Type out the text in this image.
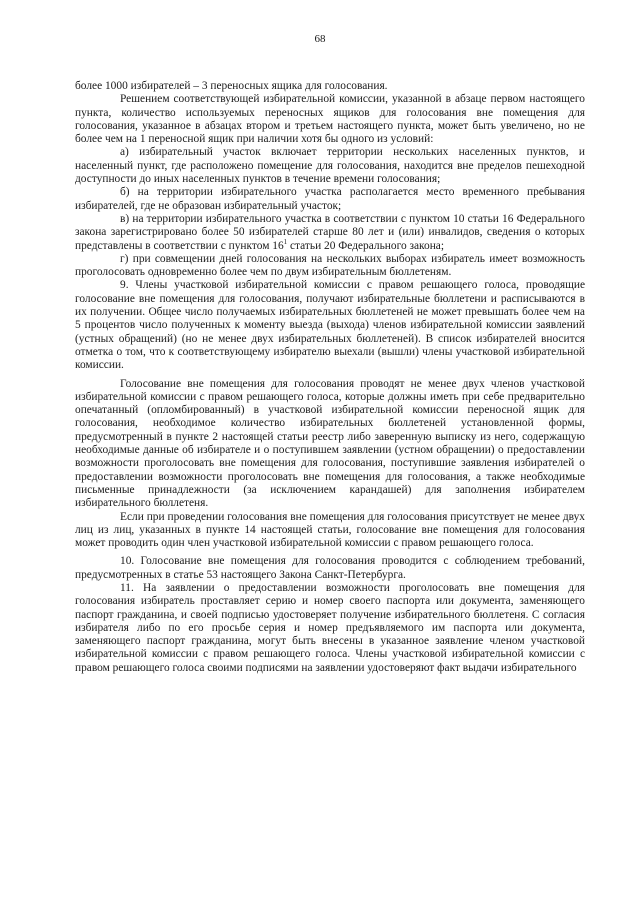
68

более 1000 избирателей – 3 переносных ящика для голосования.

Решением соответствующей избирательной комиссии, указанной в абзаце первом настоящего пункта, количество используемых переносных ящиков для голосования вне помещения для голосования, указанное в абзацах втором и третьем настоящего пункта, может быть увеличено, но не более чем на 1 переносной ящик при наличии хотя бы одного из условий:

а) избирательный участок включает территории нескольких населенных пунктов, и населенный пункт, где расположено помещение для голосования, находится вне пределов пешеходной доступности до иных населенных пунктов в течение времени голосования;

б) на территории избирательного участка располагается место временного пребывания избирателей, где не образован избирательный участок;

в) на территории избирательного участка в соответствии с пунктом 10 статьи 16 Федерального закона зарегистрировано более 50 избирателей старше 80 лет и (или) инвалидов, сведения о которых представлены в соответствии с пунктом $16^1$ статьи 20 Федерального закона;

г) при совмещении дней голосования на нескольких выборах избиратель имеет возможность проголосовать одновременно более чем по двум избирательным бюллетеням.

9. Члены участковой избирательной комиссии с правом решающего голоса, проводящие голосование вне помещения для голосования, получают избирательные бюллетени и расписываются в их получении. Общее число получаемых избирательных бюллетеней не может превышать более чем на 5 процентов число полученных к моменту выезда (выхода) членов избирательной комиссии заявлений (устных обращений) (но не менее двух избирательных бюллетеней). В список избирателей вносится отметка о том, что к соответствующему избирателю выехали (вышли) члены участковой избирательной комиссии.

Голосование вне помещения для голосования проводят не менее двух членов участковой избирательной комиссии с правом решающего голоса, которые должны иметь при себе предварительно опечатанный (опломбированный) в участковой избирательной комиссии переносной ящик для голосования, необходимое количество избирательных бюллетеней установленной формы, предусмотренный в пункте 2 настоящей статьи реестр либо заверенную выписку из него, содержащую необходимые данные об избирателе и о поступившем заявлении (устном обращении) о предоставлении возможности проголосовать вне помещения для голосования, поступившие заявления избирателей о предоставлении возможности проголосовать вне помещения для голосования, а также необходимые письменные принадлежности (за исключением карандашей) для заполнения избирателем избирательного бюллетеня.

Если при проведении голосования вне помещения для голосования присутствует не менее двух лиц из лиц, указанных в пункте 14 настоящей статьи, голосование вне помещения для голосования может проводить один член участковой избирательной комиссии с правом решающего голоса.

10. Голосование вне помещения для голосования проводится с соблюдением требований, предусмотренных в статье 53 настоящего Закона Санкт-Петербурга.

11. На заявлении о предоставлении возможности проголосовать вне помещения для голосования избиратель проставляет серию и номер своего паспорта или документа, заменяющего паспорт гражданина, и своей подписью удостоверяет получение избирательного бюллетеня. С согласия избирателя либо по его просьбе серия и номер предъявляемого им паспорта или документа, заменяющего паспорт гражданина, могут быть внесены в указанное заявление членом участковой избирательной комиссии с правом решающего голоса. Члены участковой избирательной комиссии с правом решающего голоса своими подписями на заявлении удостоверяют факт выдачи избирательного
